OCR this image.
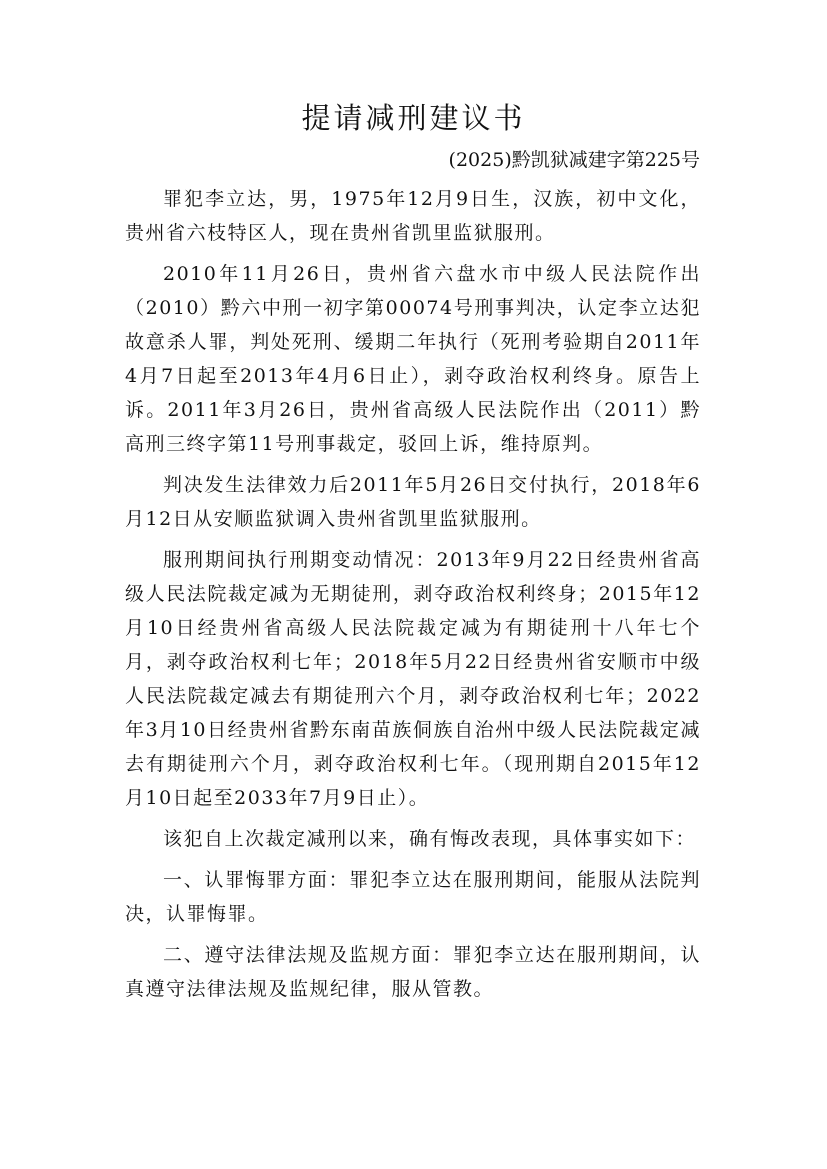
提请减刑建议书
(2025)黔凯狱减建字第225号

罪犯李立达，男，1975年12月9日生，汉族，初中文化，贵州省六枝特区人，现在贵州省凯里监狱服刑。

2010年11月26日，贵州省六盘水市中级人民法院作出（2010）黔六中刑一初字第00074号刑事判决，认定李立达犯故意杀人罪，判处死刑、缓期二年执行（死刑考验期自2011年4月7日起至2013年4月6日止），剥夺政治权利终身。原告上诉。2011年3月26日，贵州省高级人民法院作出（2011）黔高刑三终字第11号刑事裁定，驳回上诉，维持原判。

判决发生法律效力后2011年5月26日交付执行，2018年6月12日从安顺监狱调入贵州省凯里监狱服刑。

服刑期间执行刑期变动情况：2013年9月22日经贵州省高级人民法院裁定减为无期徒刑，剥夺政治权利终身；2015年12月10日经贵州省高级人民法院裁定减为有期徒刑十八年七个月，剥夺政治权利七年；2018年5月22日经贵州省安顺市中级人民法院裁定减去有期徒刑六个月，剥夺政治权利七年；2022年3月10日经贵州省黔东南苗族侗族自治州中级人民法院裁定减去有期徒刑六个月，剥夺政治权利七年。（现刑期自2015年12月10日起至2033年7月9日止）。

该犯自上次裁定减刑以来，确有悔改表现，具体事实如下：

一、认罪悔罪方面：罪犯李立达在服刑期间，能服从法院判决，认罪悔罪。

二、遵守法律法规及监规方面：罪犯李立达在服刑期间，认真遵守法律法规及监规纪律，服从管教。
